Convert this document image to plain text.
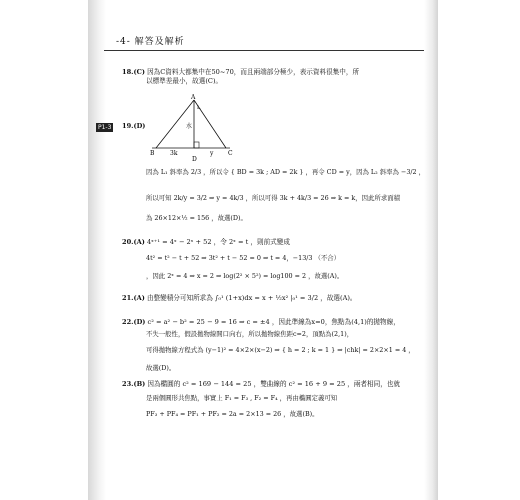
-4- 解答及解析
P1-3
18.(C) 因為C資料大都集中在50~70，而且兩端部分極少，表示資料很集中，所
以標準差最小，故選(C)。
A
L
水
B	3k	y C
D
19.(D)
因為 L₁ 斜率為 2/3 ，所以令 { BD = 3k ; AD = 2k } ，再令 CD = y，因為 L₂ 斜率為 −3/2 ，
所以可知 2k/y = 3/2 ⇒ y = 4k/3 ，所以可得 3k + 4k/3 = 26 ⇒ k = k，因此所求面積
為 26×12×½ = 156 ，故選(D)。
20.(A) 4ˣ⁺¹ = 4ˣ − 2ˣ + 52 ，令 2ˣ = t ，則前式變成
4t² = t² − t + 52 ⇒ 3t² + t − 52 = 0 ⇒ t = 4，−13/3 （不合）
，因此 2ˣ = 4 ⇒ x = 2 ⇒ log(2² × 5²) = log100 = 2 ，故選(A)。
21.(A) 由整變積分可知所求為 ∫₀¹ (1+x)dx = x + ½x² |₀¹ = 3/2 ，故選(A)。
22.(D) c² = a² − b² = 25 − 9 = 16 ⇒ c = ±4 ，因此準線為x=0，焦點為(4,1)的拋物線，
不失一般性，假設拋物線開口向右，所以拋物線焦距c=2，頂點為(2,1)，
可得拋物線方程式為 (y−1)² = 4×2×(x−2) ⇒ { h = 2 ; k = 1 } ⇒ |chk| = 2×2×1 = 4 ，
故選(D)。
23.(B) 因為橢圓的 c² = 169 − 144 = 25 ，雙曲線的 c² = 16 + 9 = 25 ，兩者相同，也就
是兩個圓形共焦點，事實上 F₁ = F₃ , F₂ = F₄ ，再由橢圓定義可知
PF₃ + PF₄ = PF₁ + PF₂ = 2a = 2×13 = 26 ，故選(B)。
